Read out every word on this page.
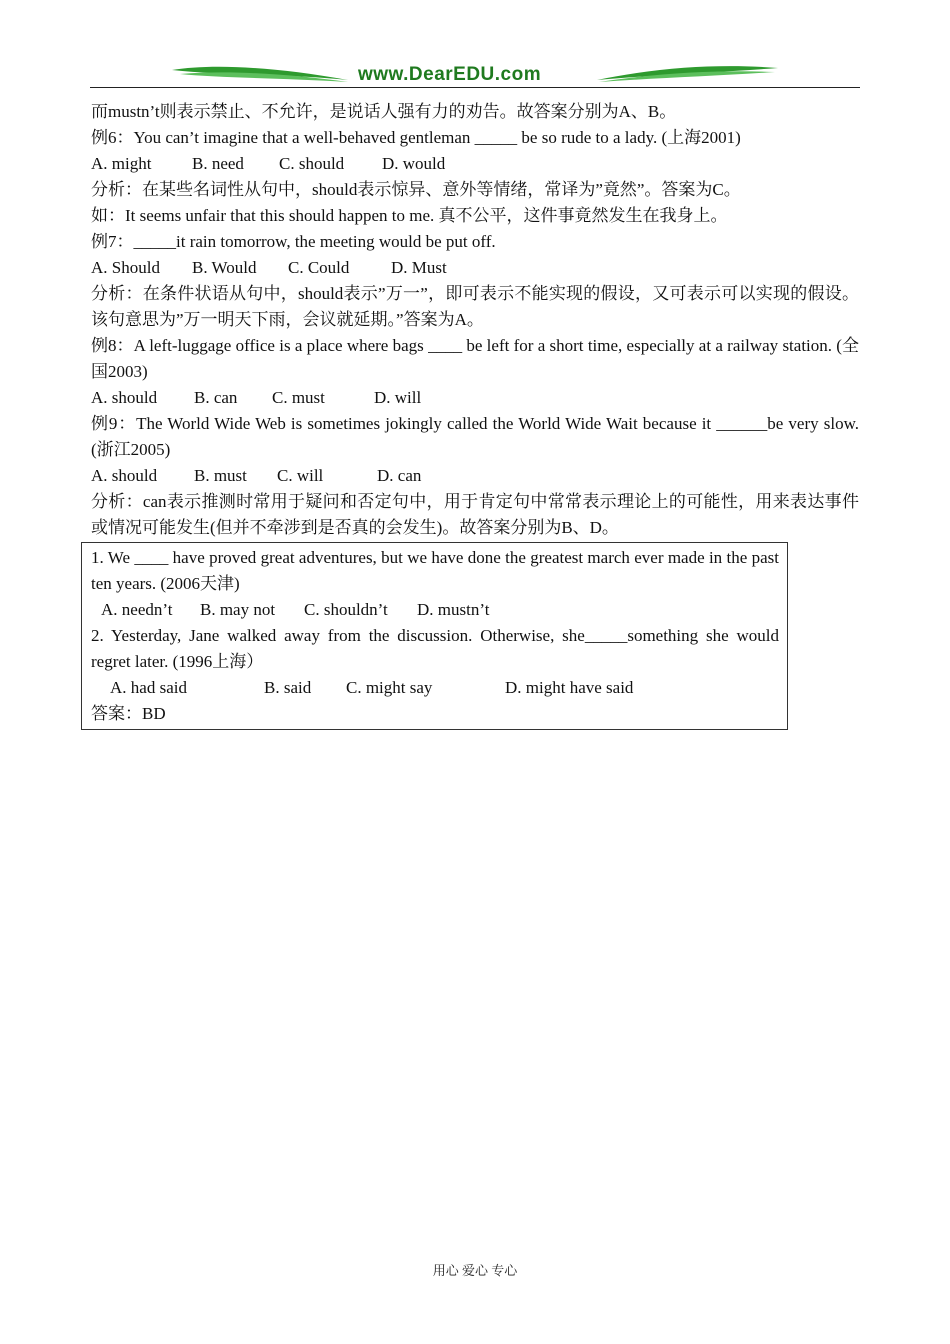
www.DearEDU.com

而mustn’t则表示禁止、不允许，是说话人强有力的劝告。故答案分别为A、B。

例6：You can’t imagine that a well-behaved gentleman _____ be so rude to a lady. (上海2001)

A. might B. need C. should D. would

分析：在某些名词性从句中，should表示惊异、意外等情绪，常译为”竟然”。答案为C。

如：It seems unfair that this should happen to me. 真不公平，这件事竟然发生在我身上。

例7：_____it rain tomorrow, the meeting would be put off.

A. Should B. Would C. Could D. Must

分析：在条件状语从句中，should表示”万一”，即可表示不能实现的假设，又可表示可以实现的假设。该句意思为”万一明天下雨，会议就延期。”答案为A。

例8：A left-luggage office is a place where bags ____ be left for a short time, especially at a railway station. (全国2003)

A. should B. can C. must	D. will

例9：The World Wide Web is sometimes jokingly called the World Wide Wait because it ______be very slow. (浙江2005)

A. should B. must C. will	D. can

分析：can表示推测时常用于疑问和否定句中，用于肯定句中常常表示理论上的可能性，用来表达事件或情况可能发生(但并不牵涉到是否真的会发生)。故答案分别为B、D。

1. We ____ have proved great adventures, but we have done the greatest march ever made in the past ten years. (2006天津)

A. needn’t B. may not C. shouldn’t D. mustn’t

2. Yesterday, Jane walked away from the discussion. Otherwise, she_____something she would regret later. (1996上海）

A. had said	B. said C. might say	D. might have said

答案：BD

用心 爱心 专心
